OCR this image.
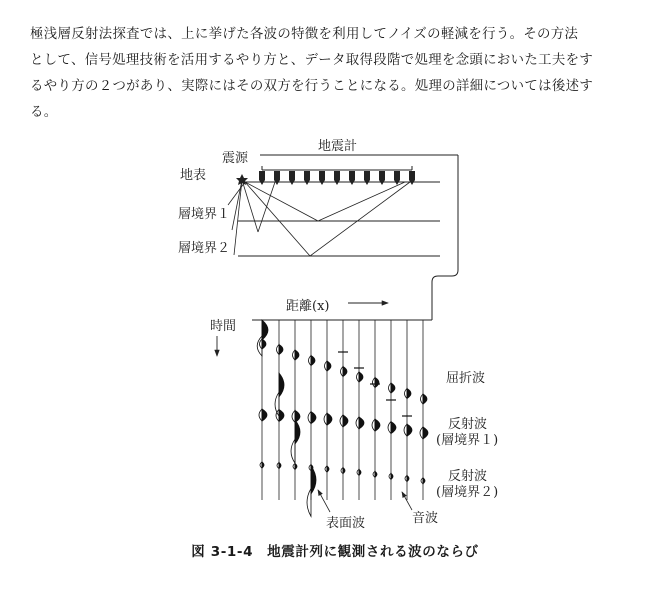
極浅層反射法探査では、上に挙げた各波の特徴を利用してノイズの軽減を行う。その方法

として、信号処理技術を活用するやり方と、データ取得段階で処理を念頭においた工夫をす

るやり方の２つがあり、実際にはその双方を行うことになる。処理の詳細については後述す

る。

地表
震源
地震計
層境界１
層境界２
距離(x)
時間
屈折波
反射波
(層境界１)
反射波
(層境界２)
表面波	音波
図 3-1-4　地震計列に観測される波のならび
